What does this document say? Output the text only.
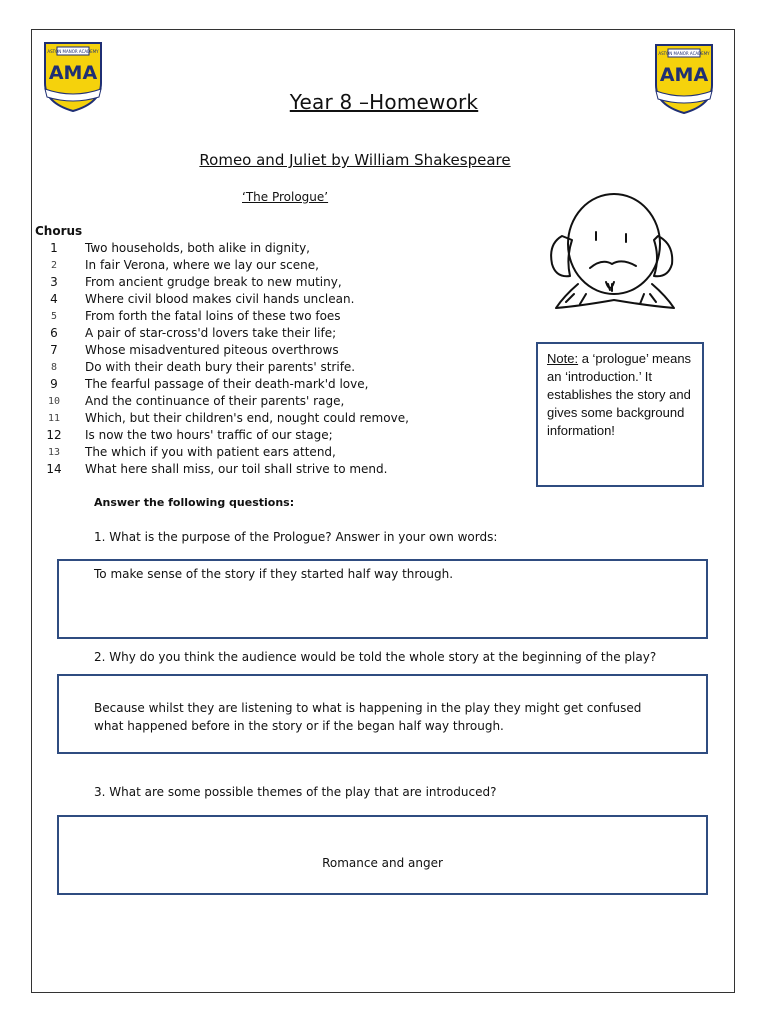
ASTON MANOR ACADEMY
AMA
ASTON MANOR ACADEMY
AMA
Year 8 –Homework
Romeo and Juliet by William Shakespeare
‘The Prologue’
Chorus
1	Two households, both alike in dignity,
2	In fair Verona, where we lay our scene,
3	From ancient grudge break to new mutiny,
4	Where civil blood makes civil hands unclean.
5	From forth the fatal loins of these two foes
6	A pair of star-cross'd lovers take their life;
7	Whose misadventured piteous overthrows
8	Do with their death bury their parents' strife.
9	The fearful passage of their death-mark'd love,
10	And the continuance of their parents' rage,
11	Which, but their children's end, nought could remove,
12	Is now the two hours' traffic of our stage;
13	The which if you with patient ears attend,
14	What here shall miss, our toil shall strive to mend.
Note: a ‘prologue’ means an ‘introduction.’ It establishes the story and gives some background information!
Answer the following questions:
1. What is the purpose of the Prologue? Answer in your own words:
To make sense of the story if they started half way through.
2. Why do you think the audience would be told the whole story at the beginning of the play?
Because whilst they are listening to what is happening in the play they might get confused what happened before in the story or if the began half way through.
3. What are some possible themes of the play that are introduced?
Romance and anger
